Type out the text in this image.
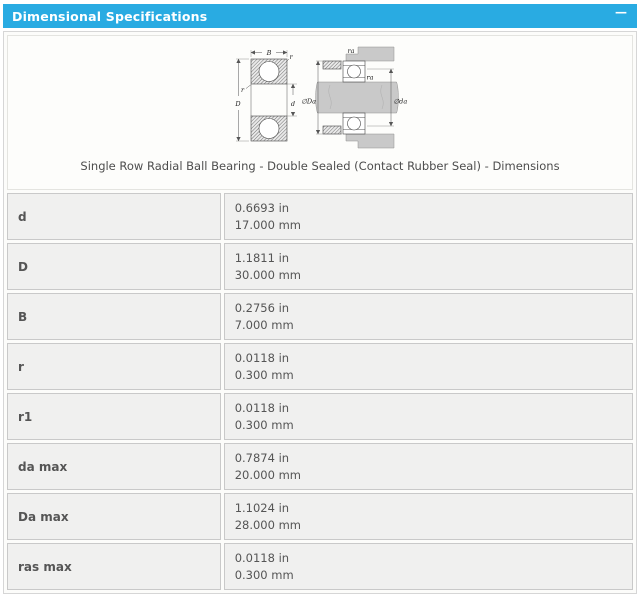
Dimensional Specifications	—
B	r
r
D	d ∅Da	∅da
ra
ra
Single Row Radial Ball Bearing - Double Sealed (Contact Rubber Seal) - Dimensions

d	0.6693 in
17.000 mm

D	1.1811 in
30.000 mm

B	0.2756 in
7.000 mm

r	0.0118 in
0.300 mm

r1	0.0118 in
0.300 mm

da max	0.7874 in
20.000 mm

Da max	1.1024 in
28.000 mm

ras max	0.0118 in
0.300 mm
